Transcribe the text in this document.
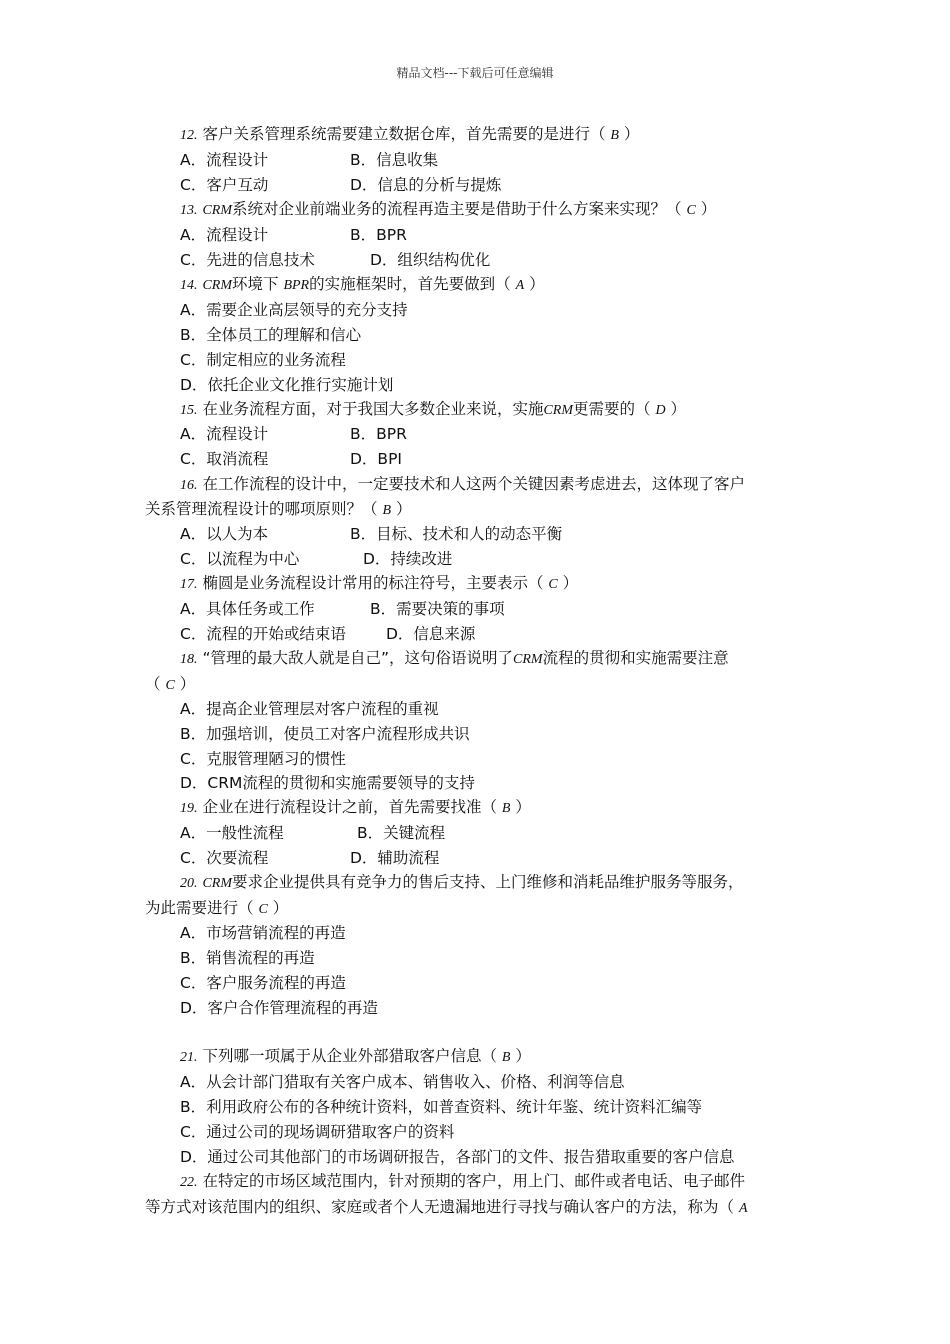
精品文档---下载后可任意编辑
12. 客户关系管理系统需要建立数据仓库，首先需要的是进行（ B ）
A．流程设计	B．信息收集
C．客户互动	D．信息的分析与提炼
13. CRM系统对企业前端业务的流程再造主要是借助于什么方案来实现？（ C ）
A．流程设计	B．BPR
C．先进的信息技术	D．组织结构优化
14. CRM环境下 BPR的实施框架时，首先要做到（ A ）
A．需要企业高层领导的充分支持
B．全体员工的理解和信心
C．制定相应的业务流程
D．依托企业文化推行实施计划
15. 在业务流程方面，对于我国大多数企业来说，实施CRM更需要的（ D ）
A．流程设计	B．BPR
C．取消流程	D．BPI
16. 在工作流程的设计中，一定要技术和人这两个关键因素考虑进去，这体现了客户
关系管理流程设计的哪项原则？（ B ）
A．以人为本	B．目标、技术和人的动态平衡
C．以流程为中心	D．持续改进
17. 椭圆是业务流程设计常用的标注符号，主要表示（ C ）
A．具体任务或工作	B．需要决策的事项
C．流程的开始或结束语	D．信息来源
18. “管理的最大敌人就是自己”，这句俗语说明了CRM流程的贯彻和实施需要注意
（ C ）
A．提高企业管理层对客户流程的重视
B．加强培训，使员工对客户流程形成共识
C．克服管理陋习的惯性
D．CRM流程的贯彻和实施需要领导的支持
19. 企业在进行流程设计之前，首先需要找准（ B ）
A．一般性流程	B．关键流程
C．次要流程	D．辅助流程
20. CRM要求企业提供具有竞争力的售后支持、上门维修和消耗品维护服务等服务，
为此需要进行（ C ）
A．市场营销流程的再造
B．销售流程的再造
C．客户服务流程的再造
D．客户合作管理流程的再造
21. 下列哪一项属于从企业外部猎取客户信息（ B ）
A．从会计部门猎取有关客户成本、销售收入、价格、利润等信息
B．利用政府公布的各种统计资料，如普查资料、统计年鉴、统计资料汇编等
C．通过公司的现场调研猎取客户的资料
D．通过公司其他部门的市场调研报告，各部门的文件、报告猎取重要的客户信息
22. 在特定的市场区域范围内，针对预期的客户，用上门、邮件或者电话、电子邮件
等方式对该范围内的组织、家庭或者个人无遗漏地进行寻找与确认客户的方法，称为（ A
